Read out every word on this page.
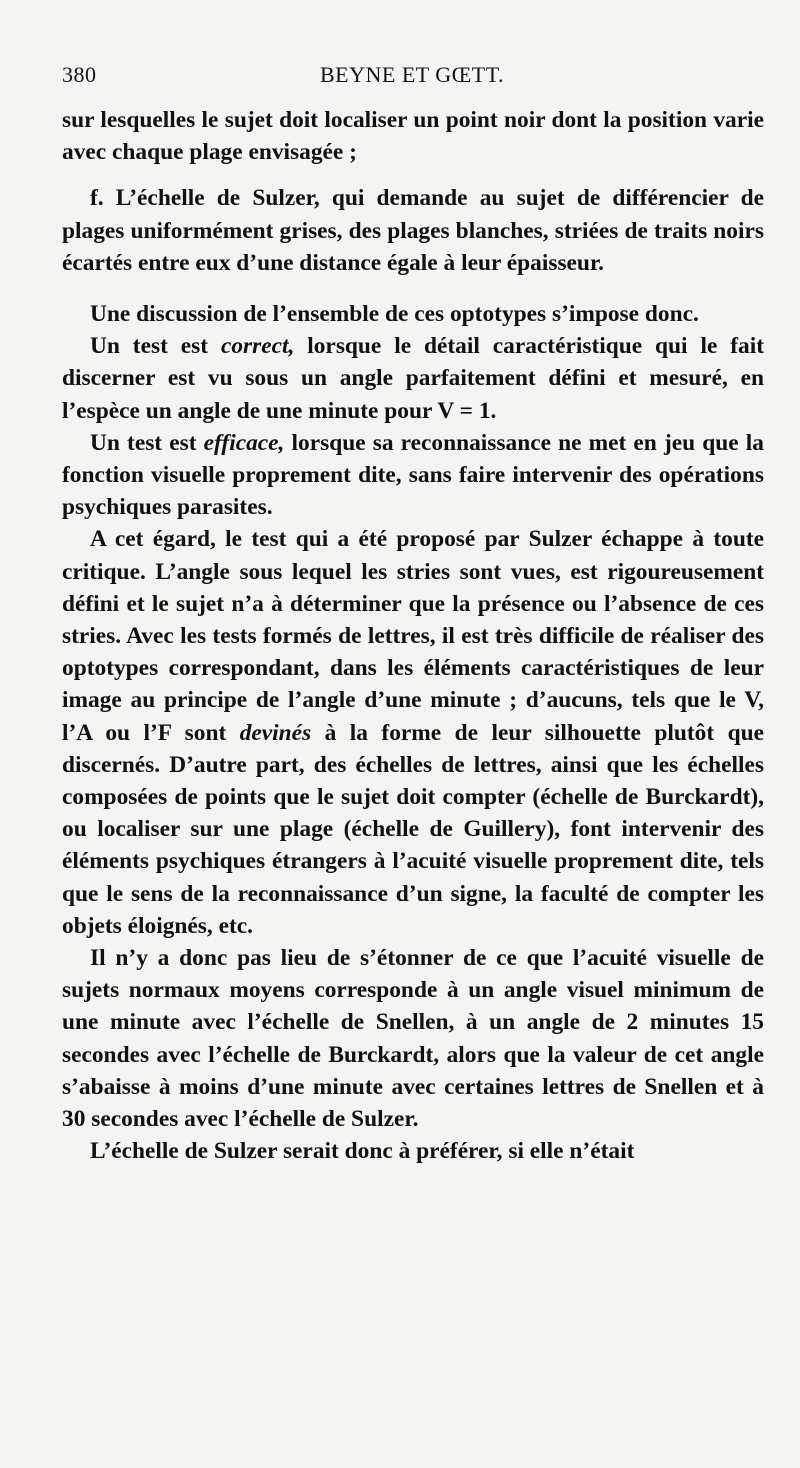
380	BEYNE ET GŒTT.

sur lesquelles le sujet doit localiser un point noir dont la position varie avec chaque plage envisagée ;

f. L’échelle de Sulzer, qui demande au sujet de différencier de plages uniformément grises, des plages blanches, striées de traits noirs écartés entre eux d’une distance égale à leur épaisseur.

Une discussion de l’ensemble de ces optotypes s’impose donc.

Un test est correct, lorsque le détail caractéristique qui le fait discerner est vu sous un angle parfaitement défini et mesuré, en l’espèce un angle de une minute pour V = 1.

Un test est efficace, lorsque sa reconnaissance ne met en jeu que la fonction visuelle proprement dite, sans faire intervenir des opérations psychiques parasites.

A cet égard, le test qui a été proposé par Sulzer échappe à toute critique. L’angle sous lequel les stries sont vues, est rigoureusement défini et le sujet n’a à déterminer que la présence ou l’absence de ces stries. Avec les tests formés de lettres, il est très difficile de réaliser des optotypes correspondant, dans les éléments caractéristiques de leur image au principe de l’angle d’une minute ; d’aucuns, tels que le V, l’A ou l’F sont devinés à la forme de leur silhouette plutôt que discernés. D’autre part, des échelles de lettres, ainsi que les échelles composées de points que le sujet doit compter (échelle de Burckardt), ou localiser sur une plage (échelle de Guillery), font intervenir des éléments psychiques étrangers à l’acuité visuelle proprement dite, tels que le sens de la reconnaissance d’un signe, la faculté de compter les objets éloignés, etc.

Il n’y a donc pas lieu de s’étonner de ce que l’acuité visuelle de sujets normaux moyens corresponde à un angle visuel minimum de une minute avec l’échelle de Snellen, à un angle de 2 minutes 15 secondes avec l’échelle de Burckardt, alors que la valeur de cet angle s’abaisse à moins d’une minute avec certaines lettres de Snellen et à 30 secondes avec l’échelle de Sulzer.

L’échelle de Sulzer serait donc à préférer, si elle n’était
